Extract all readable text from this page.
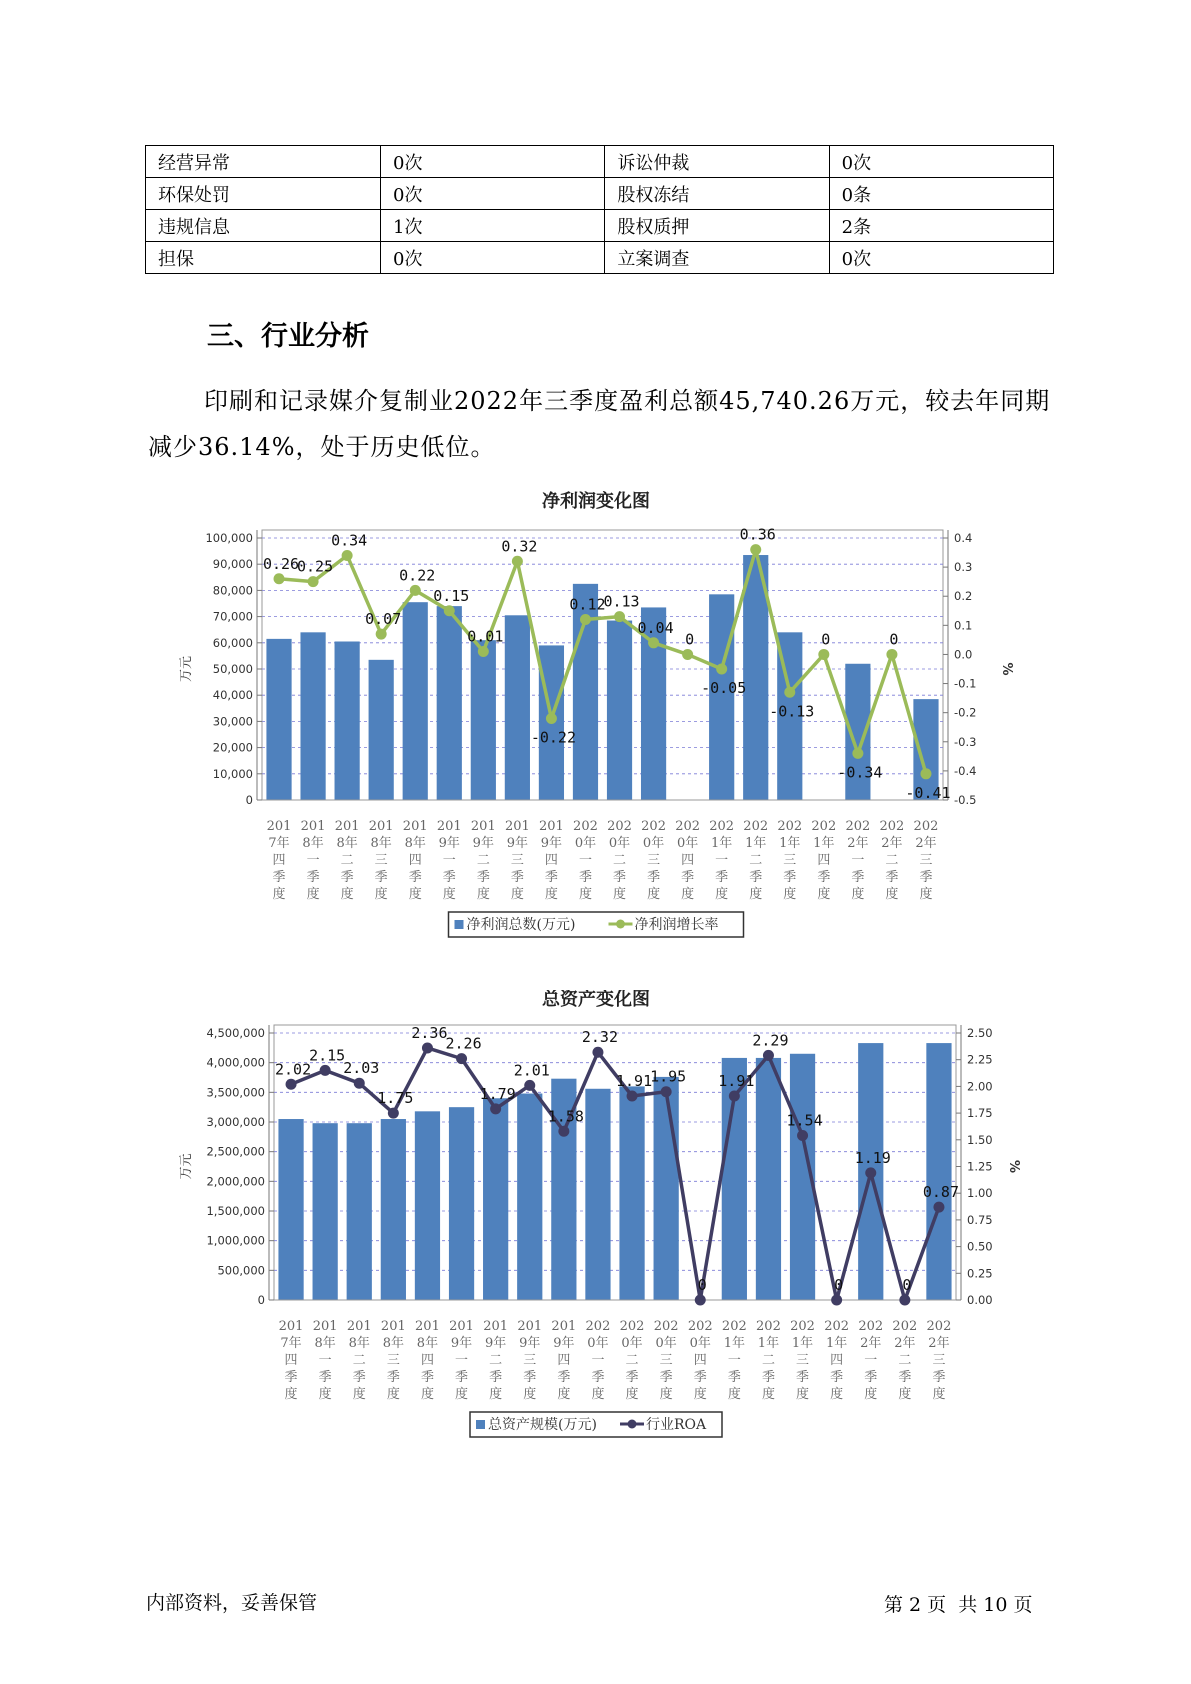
经营异常	0次	诉讼仲裁	0次
环保处罚	0次	股权冻结	0条
违规信息	1次	股权质押	2条
担保	0次	立案调查	0次
三、行业分析

印刷和记录媒介复制业2022年三季度盈利总额45,740.26万元，较去年同期减少36.14%，处于历史低位。

净利润变化图
0
10,000
20,000
30,000
40,000
50,000
60,000
70,000
80,000
90,000
100,000
-0.5
-0.4
-0.3
-0.2
-0.1
0.0
0.1
0.2
0.3
0.4
万元	%
201
7年
四
季
度
201
8年
一
季
度
201
8年
二
季
度
201
8年
三
季
度
201
8年
四
季
度
201
9年
一
季
度
201
9年
二
季
度
201
9年
三
季
度
201
9年
四
季
度
202
0年
一
季
度
202
0年
二
季
度
202
0年
三
季
度
202
0年
四
季
度
202
1年
一
季
度
202
1年
二
季
度
202
1年
三
季
度
202
1年
四
季
度
202
2年
一
季
度
202
2年
二
季
度
202
2年
三
季
度
0.26
0.25
0.34
0.07
0.22
0.15
0.01
0.32
-0.22
0.12
0.13
0.04
0
-0.05
0.36
-0.13
0
-0.34
0
-0.41
净利润总数(万元)	净利润增长率
总资产变化图
0
500,000
1,000,000
1,500,000
2,000,000
2,500,000
3,000,000
3,500,000
4,000,000
4,500,000
0.00
0.25
0.50
0.75
1.00
1.25
1.50
1.75
2.00
2.25
2.50
万元	%
201
7年
四
季
度
201
8年
一
季
度
201
8年
二
季
度
201
8年
三
季
度
201
8年
四
季
度
201
9年
一
季
度
201
9年
二
季
度
201
9年
三
季
度
201
9年
四
季
度
202
0年
一
季
度
202
0年
二
季
度
202
0年
三
季
度
202
0年
四
季
度
202
1年
一
季
度
202
1年
二
季
度
202
1年
三
季
度
202
1年
四
季
度
202
2年
一
季
度
202
2年
二
季
度
202
2年
三
季
度
2.02
2.15
2.03
1.75
2.36
2.26
1.79
2.01
1.58
2.32
1.91
1.95
0
1.91
2.29
1.54
0
1.19
0
0.87
总资产规模(万元)	行业ROA
内部资料，妥善保管	第 2 页  共 10 页
